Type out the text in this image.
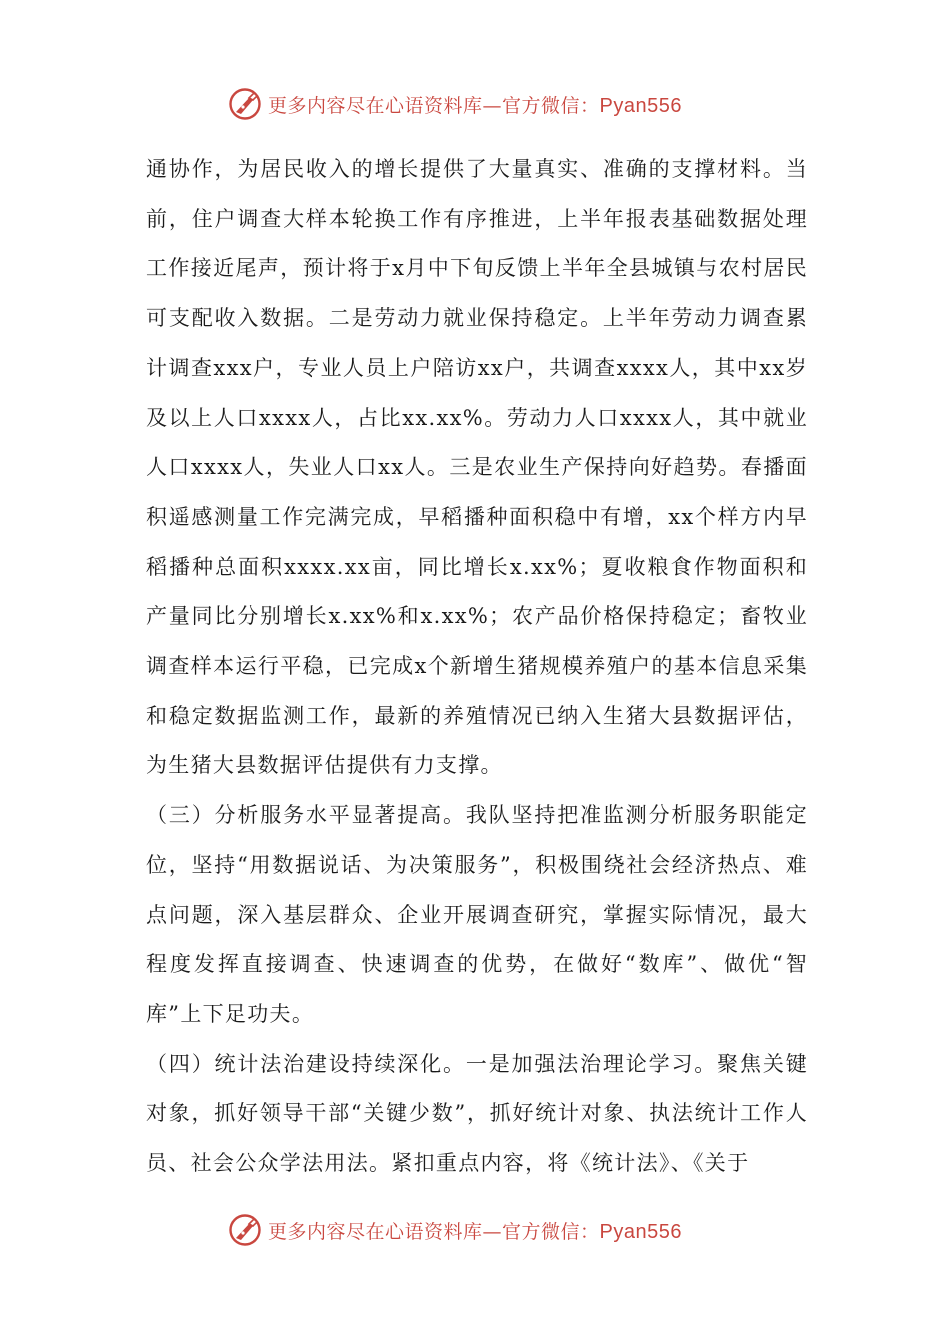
更多内容尽在心语资料库—官方微信：Pyan556

通协作，为居民收入的增长提供了大量真实、准确的支撑材料。当前，住户调查大样本轮换工作有序推进，上半年报表基础数据处理工作接近尾声，预计将于x月中下旬反馈上半年全县城镇与农村居民可支配收入数据。二是劳动力就业保持稳定。上半年劳动力调查累计调查xxx户，专业人员上户陪访xx户，共调查xxxx人，其中xx岁及以上人口xxxx人，占比xx.xx%。劳动力人口xxxx人，其中就业人口xxxx人，失业人口xx人。三是农业生产保持向好趋势。春播面积遥感测量工作完满完成，早稻播种面积稳中有增，xx个样方内早稻播种总面积xxxx.xx亩，同比增长x.xx%；夏收粮食作物面积和产量同比分别增长x.xx%和x.xx%；农产品价格保持稳定；畜牧业调查样本运行平稳，已完成x个新增生猪规模养殖户的基本信息采集和稳定数据监测工作，最新的养殖情况已纳入生猪大县数据评估，为生猪大县数据评估提供有力支撑。

（三）分析服务水平显著提高。我队坚持把准监测分析服务职能定位，坚持“用数据说话、为决策服务”，积极围绕社会经济热点、难点问题，深入基层群众、企业开展调查研究，掌握实际情况，最大程度发挥直接调查、快速调查的优势，在做好“数库”、做优“智库”上下足功夫。

（四）统计法治建设持续深化。一是加强法治理论学习。聚焦关键对象，抓好领导干部“关键少数”，抓好统计对象、执法统计工作人员、社会公众学法用法。紧扣重点内容，将《统计法》、《关于

更多内容尽在心语资料库—官方微信：Pyan556
